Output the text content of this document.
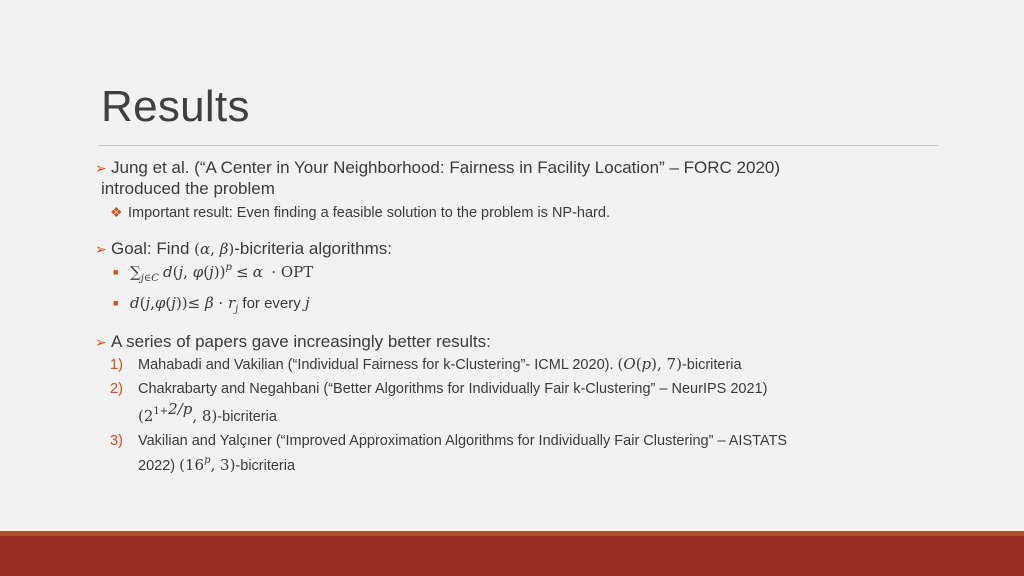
Results
➢ Jung et al. (“A Center in Your Neighborhood: Fairness in Facility Location” – FORC 2020)
introduced the problem
❖ Important result: Even finding a feasible solution to the problem is NP-hard.
➢ Goal: Find (α, β)-bicriteria algorithms:
■ $\sum_{j\in C}$ d(j, φ(j))$^p$ ≤ α · OPT
■ $d(j,\varphi(j))\le \beta \cdot r_j$ for every j
➢ A series of papers gave increasingly better results:
1) Mahabadi and Vakilian (“Individual Fairness for k-Clustering”- ICML 2020). (O(p), 7)-bicriteria
2) Chakrabarty and Negahbani (“Better Algorithms for Individually Fair k-Clustering” – NeurIPS 2021)
($2^{1+2/p}$, 8)-bicriteria
3) Vakilian and Yalçıner (“Improved Approximation Algorithms for Individually Fair Clustering” – AISTATS
2022) (16$^p$, 3)-bicriteria
